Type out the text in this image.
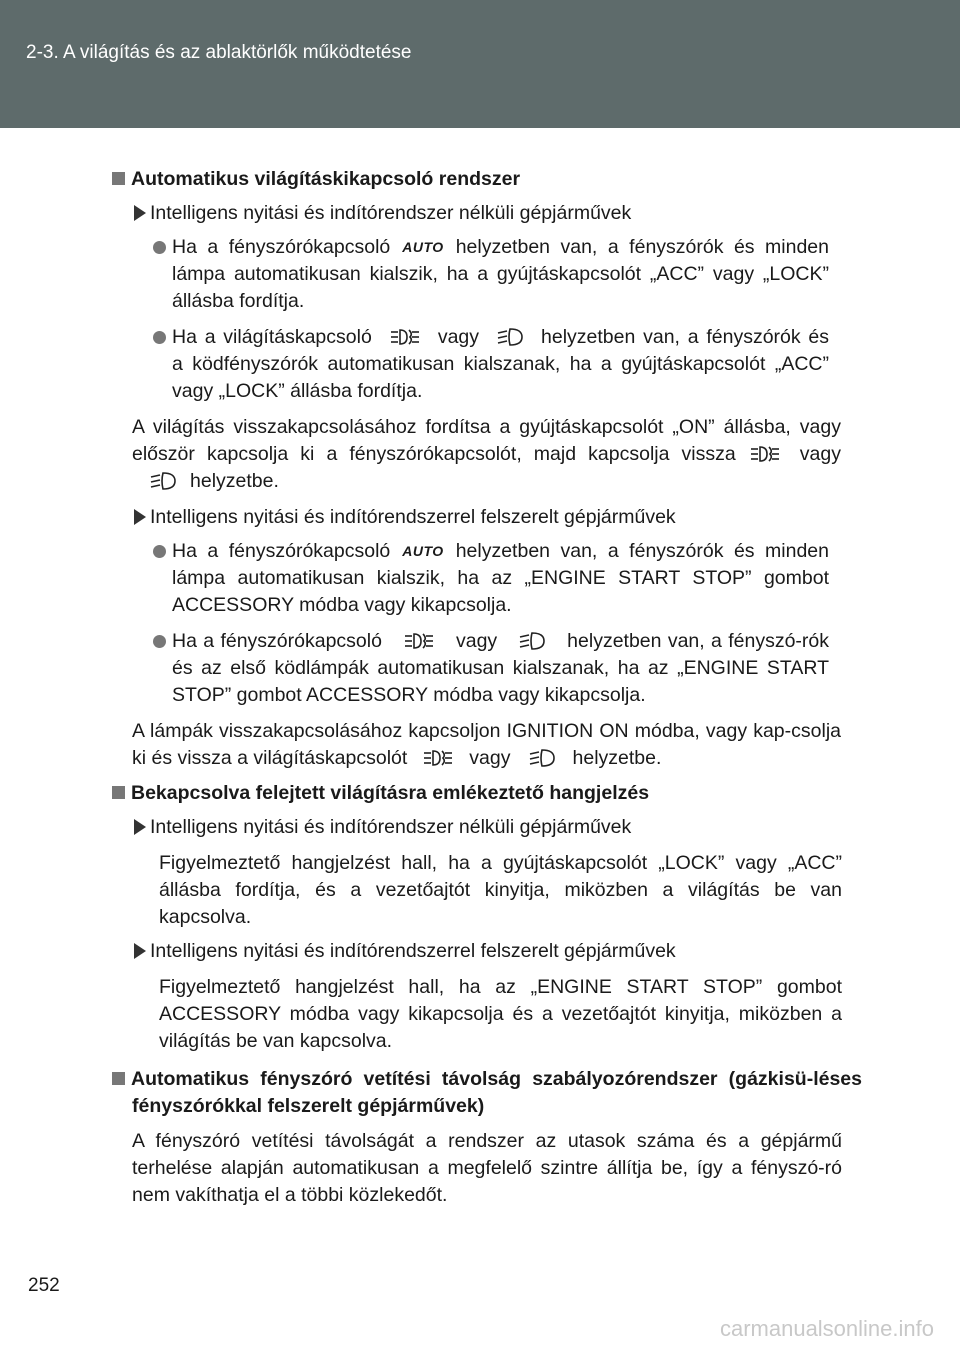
2-3. A világítás és az ablaktörlők működtetése
Automatikus világításkikapcsoló rendszer
Intelligens nyitási és indítórendszer nélküli gépjárművek
Ha a fényszórókapcsoló AUTO helyzetben van, a fényszórók és minden lámpa automatikusan kialszik, ha a gyújtáskapcsolót „ACC” vagy „LOCK” állásba fordítja.
Ha a világításkapcsoló	vagy	helyzetben van, a fényszórók és a ködfényszórók automatikusan kialszanak, ha a gyújtáskapcsolót „ACC” vagy „LOCK” állásba fordítja.
A világítás visszakapcsolásához fordítsa a gyújtáskapcsolót „ON” állásba, vagy először kapcsolja ki a fényszórókapcsolót, majd kapcsolja vissza	vagyhelyzetbe.
Intelligens nyitási és indítórendszerrel felszerelt gépjárművek
Ha a fényszórókapcsoló AUTO helyzetben van, a fényszórók és minden lámpa automatikusan kialszik, ha az „ENGINE START STOP” gombot ACCESSORY módba vagy kikapcsolja.
Ha a fényszórókapcsoló	vagy	helyzetben van, a fényszó-rók és az első ködlámpák automatikusan kialszanak, ha az „ENGINE START STOP” gombot ACCESSORY módba vagy kikapcsolja.
A lámpák visszakapcsolásához kapcsoljon IGNITION ON módba, vagy kap-csolja ki és vissza a világításkapcsolót	vagy	helyzetbe.
Bekapcsolva felejtett világításra emlékeztető hangjelzés
Intelligens nyitási és indítórendszer nélküli gépjárművek
Figyelmeztető hangjelzést hall, ha a gyújtáskapcsolót „LOCK” vagy „ACC” állásba fordítja, és a vezetőajtót kinyitja, miközben a világítás be van kapcsolva.
Intelligens nyitási és indítórendszerrel felszerelt gépjárművek
Figyelmeztető hangjelzést hall, ha az „ENGINE START STOP” gombot ACCESSORY módba vagy kikapcsolja és a vezetőajtót kinyitja, miközben a világítás be van kapcsolva.
Automatikus fényszóró vetítési távolság szabályozórendszer (gázkisü-léses fényszórókkal felszerelt gépjárművek)
A fényszóró vetítési távolságát a rendszer az utasok száma és a gépjármű terhelése alapján automatikusan a megfelelő szintre állítja be, így a fényszó-ró nem vakíthatja el a többi közlekedőt.
252
carmanualsonline.info
